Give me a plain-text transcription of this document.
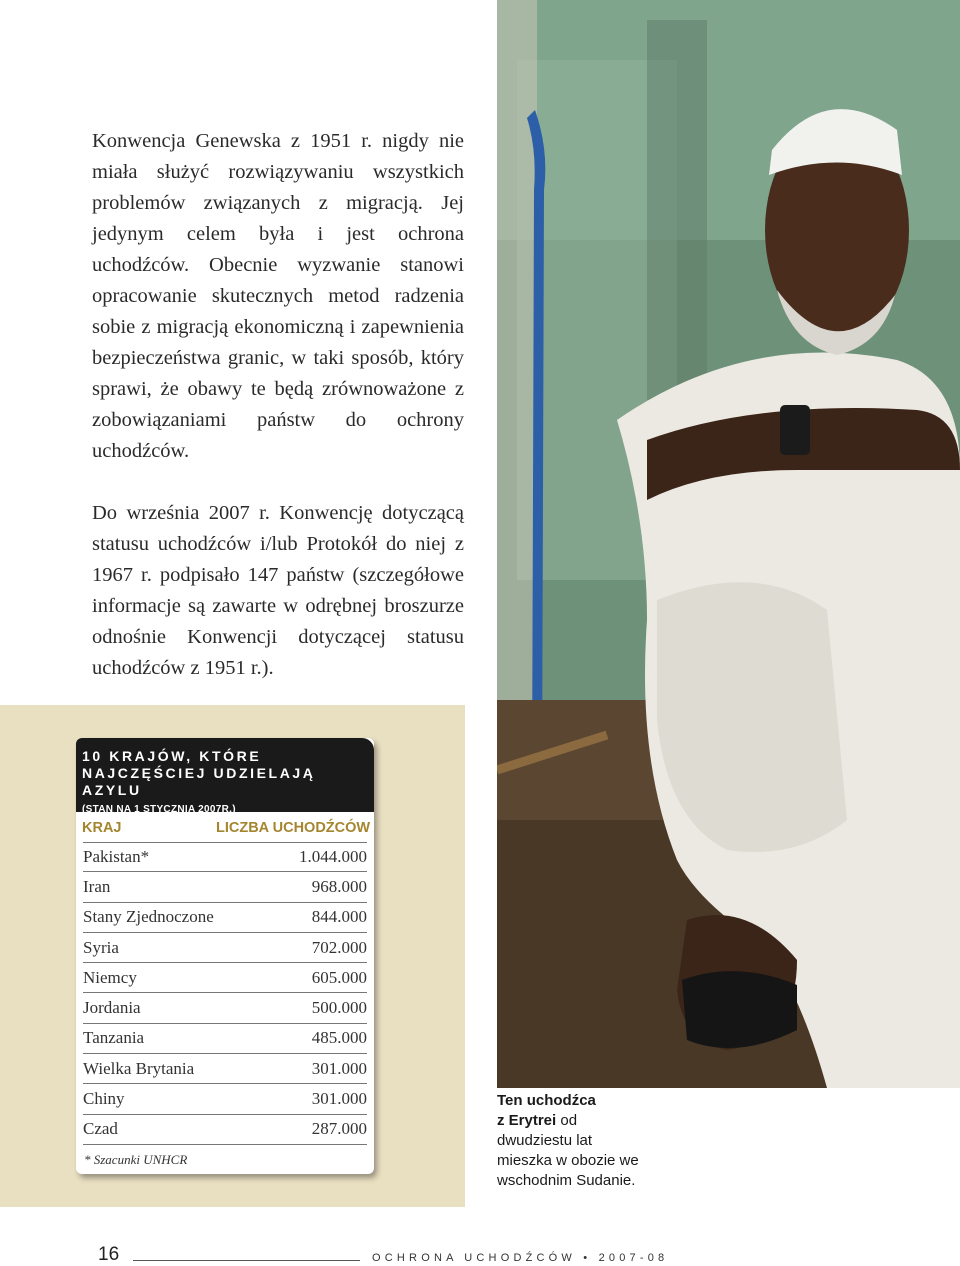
Konwencja Genewska z 1951 r. nigdy nie miała służyć rozwiązywaniu wszystkich problemów związanych z migracją. Jej jedynym celem była i jest ochrona uchodźców. Obecnie wyzwanie stanowi opracowanie skutecznych metod radzenia sobie z migracją ekonomiczną i zapewnienia bezpieczeństwa granic, w taki sposób, który sprawi, że obawy te będą zrównoważone z zobowiązaniami państw do ochrony uchodźców.

Do września 2007 r. Konwencję dotyczącą statusu uchodźców i/lub Protokół do niej z 1967 r. podpisało 147 państw (szczegółowe informacje są zawarte w odrębnej broszurze odnośnie Konwencji dotyczącej statusu uchodźców z 1951 r.).

10 KRAJÓW, KTÓRE NAJCZĘŚCIEJ UDZIELAJĄ AZYLU
(STAN NA 1 STYCZNIA 2007R.)
KRAJ	LICZBA UCHODŹCÓW
Pakistan*	1.044.000
Iran	968.000
Stany Zjednoczone	844.000
Syria	702.000
Niemcy	605.000
Jordania	500.000
Tanzania	485.000
Wielka Brytania	301.000
Chiny	301.000
Czad	287.000
* Szacunki UNHCR
Ten uchodźca
z Erytrei od
dwudziestu lat
mieszka w obozie we
wschodnim Sudanie.
16	OCHRONA UCHODŹCÓW • 2007-08
